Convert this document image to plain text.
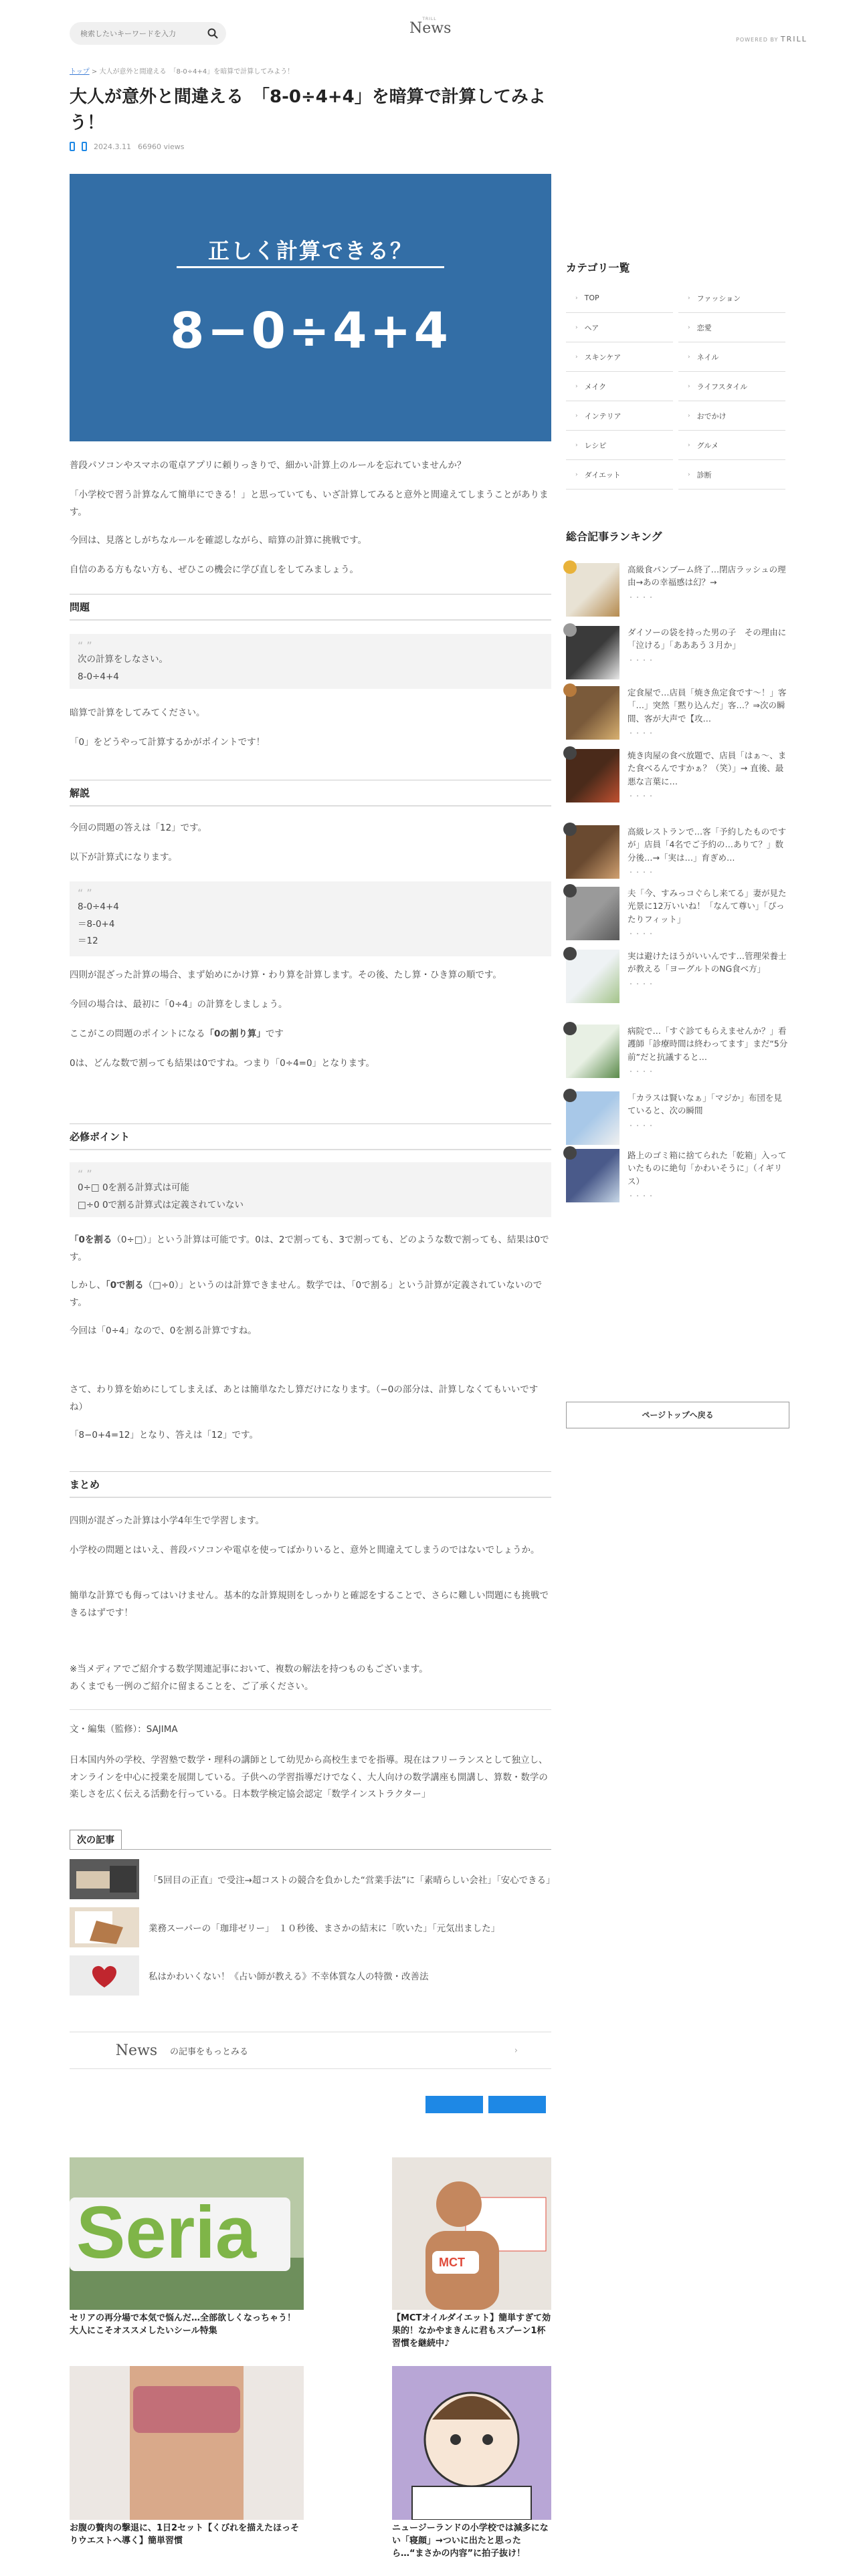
検索したいキーワードを入力
TRILL
News
POWERED BY TRILL
トップ > 大人が意外と間違える　「8-0÷4+4」を暗算で計算してみよう！
大人が意外と間違える　「8-0÷4+4」を暗算で計算してみよう！
2024.3.11 66960 views
正しく計算できる？
8−0÷4+4

普段パソコンやスマホの電卓アプリに頼りっきりで、細かい計算上のルールを忘れていませんか？

「小学校で習う計算なんて簡単にできる！」と思っていても、いざ計算してみると意外と間違えてしまうことがあります。

今回は、見落としがちなルールを確認しながら、暗算の計算に挑戦です。

自信のある方もない方も、ぜひこの機会に学び直しをしてみましょう。

問題
“ ”
次の計算をしなさい。
8-0÷4+4

暗算で計算をしてみてください。

「0」をどうやって計算するかがポイントです！

解説

今回の問題の答えは「12」です。

以下が計算式になります。

“ ”
8-0÷4+4
＝8-0+4
＝12

四則が混ざった計算の場合、まず始めにかけ算・わり算を計算します。その後、たし算・ひき算の順です。

今回の場合は、最初に「0÷4」の計算をしましょう。

ここがこの問題のポイントになる「0の割り算」です

0は、どんな数で割っても結果は0ですね。つまり「0÷4=0」となります。

必修ポイント
“ ”
0÷□ 0を割る計算式は可能
□÷0 0で割る計算式は定義されていない

「0を割る（0÷□）」という計算は可能です。0は、2で割っても、3で割っても、どのような数で割っても、結果は0です。

しかし、「0で割る（□÷0）」というのは計算できません。数学では、「0で割る」という計算が定義されていないのです。

今回は「0÷4」なので、0を割る計算ですね。

さて、わり算を始めにしてしまえば、あとは簡単なたし算だけになります。（−0の部分は、計算しなくてもいいですね）

「8−0+4=12」となり、答えは「12」です。

まとめ

四則が混ざった計算は小学4年生で学習します。

小学校の問題とはいえ、普段パソコンや電卓を使ってばかりいると、意外と間違えてしまうのではないでしょうか。

簡単な計算でも侮ってはいけません。基本的な計算規則をしっかりと確認をすることで、さらに難しい問題にも挑戦できるはずです！

※当メディアでご紹介する数学関連記事において、複数の解法を持つものもございます。
あくまでも一例のご紹介に留まることを、ご了承ください。

文・編集（監修）：SAJIMA

日本国内外の学校、学習塾で数学・理科の講師として幼児から高校生までを指導。現在はフリーランスとして独立し、オンラインを中心に授業を展開している。子供への学習指導だけでなく、大人向けの数学講座も開講し、算数・数学の楽しさを広く伝える活動を行っている。日本数学検定協会認定「数学インストラクター」

次の記事
「5回目の正直」で受注→超コストの競合を負かした“営業手法”に「素晴らしい会社」「安心できる」
業務スーパーの「珈琲ゼリー」　１０秒後、まさかの結末に「吹いた」「元気出ました」
私はかわいくない！《占い師が教える》不幸体質な人の特徴・改善法
News	の記事をもっとみる	›
Seria
セリアの再分場で本気で悩んだ…全部欲しくなっちゃう！大人にこそオススメしたいシール特集
MCT
【MCTオイルダイエット】簡単すぎて効果的！なかやまきんに君もスプーン1杯習慣を継続中♪
お腹の贅肉の撃退に、1日2セット【くびれを描えたほっそりウエストへ導く】簡単習慣
ニュージーランドの小学校では減多にない「寝顔」→ついに出たと思ったら…“まさかの内容”に拍子抜け！
カテゴリ一覧
› TOP	› ファッション
› ヘア	› 恋愛
› スキンケア	› ネイル
› メイク	› ライフスタイル
› インテリア	› おでかけ
› レシピ	› グルメ
› ダイエット	› 診断
総合記事ランキング
高級食パンブーム終了…閉店ラッシュの理由→あの幸福感は幻？→
・・・・
ダイソーの袋を持った男の子　その理由に「泣ける」「あああう３月か」
・・・・
定食屋で…店員「焼き魚定食です〜！」客「…」突然「黙り込んだ」客…？⇒次の瞬間、客が大声で【攻…
・・・・
焼き肉屋の食べ放題で、店員「はぁ〜、また食べるんですかぁ？（笑）」→ 直後、最悪な言葉に…
・・・・
高級レストランで…客「予約したものですが」店員「4名でご予約の…ありて？」数分後…→「実は…」育ぎめ…
・・・・
夫「今、すみっコぐらし来てる」妻が見た光景に12万いいね！「なんて尊い」「ぴったりフィット」
・・・・
実は避けたほうがいいんです…管理栄養士が教える「ヨーグルトのNG食べ方」
・・・・
病院で…「すぐ診てもらえませんか？」看護師「診療時間は終わってます」まだ“5分前”だと抗議すると…
・・・・
「カラスは賢いなぁ」「マジか」布団を見ていると、次の瞬間
・・・・
路上のゴミ箱に捨てられた「乾箱」入っていたものに絶句「かわいそうに」（イギリス）
・・・・
ページトップへ戻る
